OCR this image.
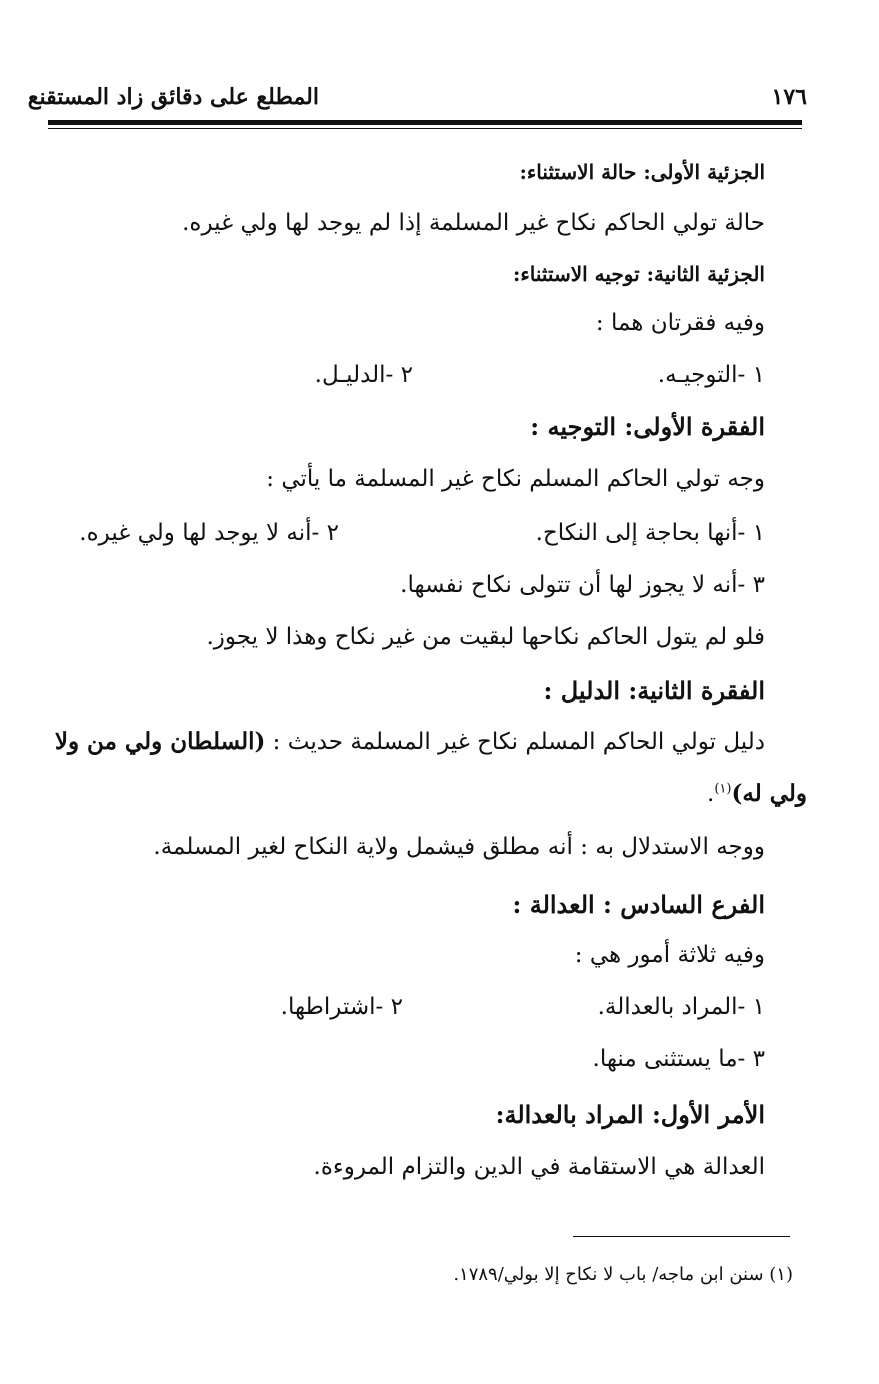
المطلع على دقائق زاد المستقنع	١٧٦
الجزئية الأولى: حالة الاستثناء:
حالة تولي الحاكم نكاح غير المسلمة إذا لم يوجد لها ولي غيره.
الجزئية الثانية: توجيه الاستثناء:
وفيه فقرتان هما :
١ -التوجيـه.
٢ -الدليـل.
الفقرة الأولى: التوجيه :
وجه تولي الحاكم المسلم نكاح غير المسلمة ما يأتي :
١ -أنها بحاجة إلى النكاح.
٢ -أنه لا يوجد لها ولي غيره.
٣ -أنه لا يجوز لها أن تتولى نكاح نفسها.
فلو لم يتول الحاكم نكاحها لبقيت من غير نكاح وهذا لا يجوز.
الفقرة الثانية: الدليل :
دليل تولي الحاكم المسلم نكاح غير المسلمة حديث : (السلطان ولي من ولا
ولي له)$^{(١)}$.
ووجه الاستدلال به : أنه مطلق فيشمل ولاية النكاح لغير المسلمة.
الفرع السادس : العدالة :
وفيه ثلاثة أمور هي :
١ -المراد بالعدالة.
٢ -اشتراطها.
٣ -ما يستثنى منها.
الأمر الأول: المراد بالعدالة:
العدالة هي الاستقامة في الدين والتزام المروءة.
(١) سنن ابن ماجه/ باب لا نكاح إلا بولي/١٧٨٩.
